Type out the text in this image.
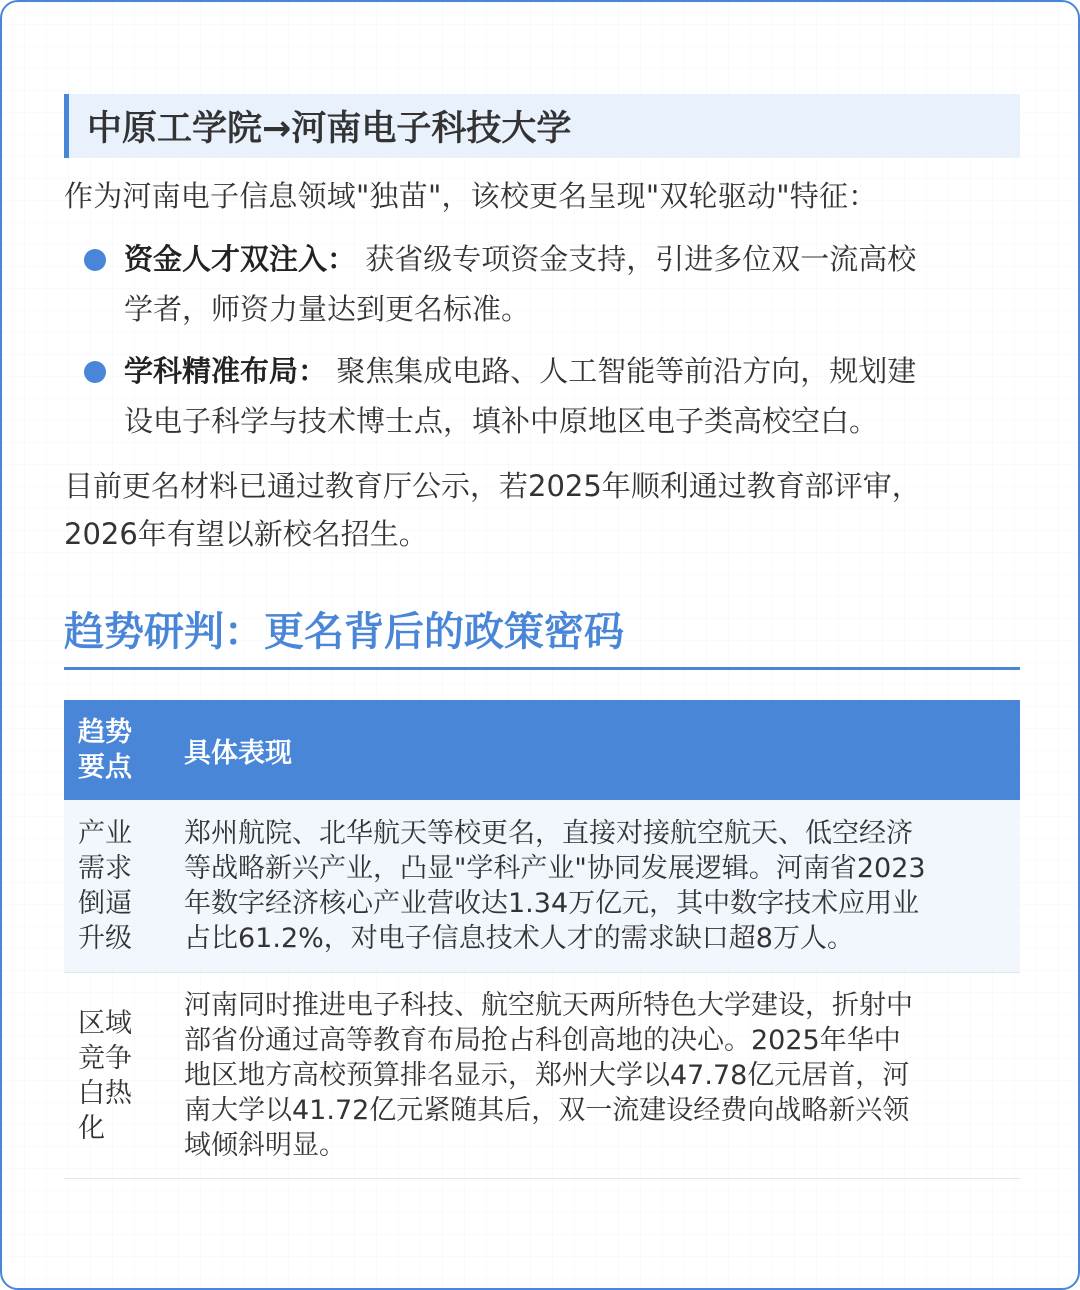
中原工学院→河南电子科技大学
作为河南电子信息领域"独苗"，该校更名呈现"双轮驱动"特征：
资金人才双注入： 获省级专项资金支持，引进多位双一流高校
学者，师资力量达到更名标准。
学科精准布局： 聚焦集成电路、人工智能等前沿方向，规划建
设电子科学与技术博士点，填补中原地区电子类高校空白。
目前更名材料已通过教育厅公示，若2025年顺利通过教育部评审，
2026年有望以新校名招生。
趋势研判：更名背后的政策密码
趋势
要点	具体表现
产业
需求
倒逼
升级
郑州航院、北华航天等校更名，直接对接航空航天、低空经济
等战略新兴产业，凸显"学科产业"协同发展逻辑。河南省2023
年数字经济核心产业营收达1.34万亿元，其中数字技术应用业
占比61.2%，对电子信息技术人才的需求缺口超8万人。
区域
竞争
白热
化
河南同时推进电子科技、航空航天两所特色大学建设，折射中
部省份通过高等教育布局抢占科创高地的决心。2025年华中
地区地方高校预算排名显示，郑州大学以47.78亿元居首，河
南大学以41.72亿元紧随其后，双一流建设经费向战略新兴领
域倾斜明显。
